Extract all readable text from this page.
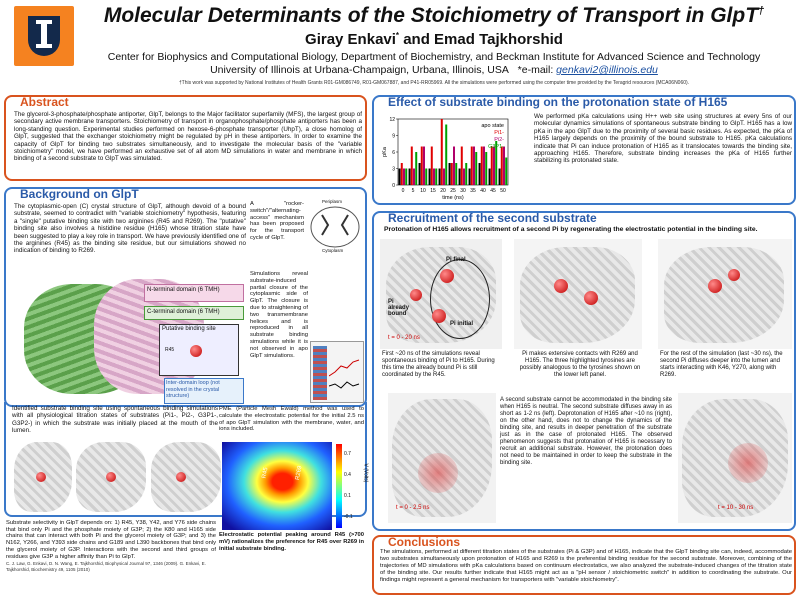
Molecular Determinants of the Stoichiometry of Transport in GlpT†
Giray Enkavi* and Emad Tajkhorshid
Center for Biophysics and Computational Biology, Department of Biochemistry, and Beckman Institute for Advanced Science and Technology
University of Illinois at Urbana-Champaign, Urbana, Illinois, USA *e-mail: genkavi2@illinois.edu
†This work was supported by National Institutes of Health Grants R01-GM086749, R01-GM067887, and P41-RR05969. All the simulations were performed using the computer time provided by the Teragrid resources (MCA06N060).
Abstract
The glycerol-3-phosphate/phosphate antiporter, GlpT, belongs to the Major facilitator superfamily (MFS), the largest group of secondary active membrane transporters. Stoichiometry of transport in organophosphate/phosphate antiporters has been a long-standing question. Experimental studies performed on hexose-6-phosphate transporter (UhpT), a close homolog of GlpT, suggested that the exchanger stoichiometry might be regulated by pH in these antiporters. In order to examine the capacity of GlpT for binding two substrates simultaneously, and to investigate the molecular basis of the "variable stoichiometry" model, we have performed an exhaustive set of all atom MD simulations in water and membrane in which binding of a second substrate to GlpT was simulated.
Background on GlpT
The cytoplasmic-open (C) crystal structure of GlpT, although devoid of a bound substrate, seemed to contradict with "variable stoichiometry" hypothesis, featuring a "single" putative binding site with two arginines (R45 and R269). The "putative" binding site also involves a histidine residue (H165) whose titration state have been suggested to play a key role in transport. We have previously identified one of the arginines (R45) as the binding site residue, but our simulations showed no indication of binding to R269.
N-terminal domain (6 TMH)
C-terminal domain (6 TMH)
Putative binding site
R45
Inter-domain loop (not resolved in the crystal structure)
A "rocker-switch"/"alternating-access" mechanism has been proposed for the transport cycle of GlpT.
Periplasm
Cytoplasm
Simulations reveal substrate-induced partial closure of the cytoplasmic side of GlpT. The closure is due to straightening of two transmembrane helices and is reproduced in all substrate binding simulations while it is not observed in apo GlpT simulations.
Identified substrate binding site using spontaneous binding simulations with all physiological titration states of substrates (Pi1-, Pi2-, G3P1-, G3P2-) in which the substrate was initially placed at the mouth of the lumen.
Substrate selectivity in GlpT depends on: 1) R45, Y38, Y42, and Y76 side chains that bind only Pi and the phosphate moiety of G3P; 2) the K80 and H165 side chains that can interact with both Pi and the glycerol moiety of G3P; and 3) the N162, Y266, and Y393 side chains and G189 and L390 backbones that bind only the glycerol moiety of G3P. Interactions with the second and third groups of residues give G3P a higher affinity than Pi to GlpT.
C. J. Law, G. Enkavi, D. N. Wang, E. Tajkhorshid, Biophysical Journal 97, 1346 (2009). G. Enkavi, E. Tajkhorshid, Biochemistry 49, 1105 (2010)
PME (Particle Mesh Ewald) method was used to calculate the electrostatic potential for the initial 2.5 ns of apo GlpT simulation with the membrane, water, and ions included.
R45	R269
0.7
0.4
0.1
-0.1
V (Volts)
Electrostatic potential peaking around R45 (>700 mV) rationalizes the preference for R45 over R269 in initial substrate binding.
Effect of substrate binding on the protonation state of H165
0
3
6
9
12
0 5 10 15 20 25 30 35 40 45 50
time (ns)
pKa
apo state
Pi1-
Pi2-
G3P1-
We performed pKa calculations using H++ web site using structures at every 5ns of our molecular dynamics simulations of spontaneous substrate binding to GlpT. H165 has a low pKa in the apo GlpT due to the proximity of several basic residues. As expected, the pKa of H165 largely depends on the proximity of the bound substrate to H165. pKa calculations indicate that Pi can induce protonation of H165 as it translocates towards the binding site, approaching H165. Therefore, substrate binding increases the pKa of H165 further stabilizing its protonated state.
Recruitment of the second substrate
Protonation of H165 allows recruitment of a second Pi by regenerating the electrostatic potential in the binding site.
Pi final
Pi already bound
Pi initial
t = 0 - 20 ns
First ~20 ns of the simulations reveal spontaneous binding of Pi to H165. During this time the already bound Pi is still coordinated by the R45.
Pi makes extensive contacts with R269 and H165. The three highlighted tyrosines are possibly analogous to the tyrosines shown on the lower left panel.
For the rest of the simulation (last ~30 ns), the second Pi diffuses deeper into the lumen and starts interacting with K46, Y270, along with R269.
t = 0 - 2.5 ns
A second substrate cannot be accommodated in the binding site when H165 is neutral. The second substrate diffuses away in as short as 1-2 ns (left). Deprotonation of H165 after ~10 ns (right), on the other hand, does not to change the dynamics of the binding site, and results in deeper penetration of the substrate just as in the case of protonated H165. The observed phenomenon suggests that protonation of H165 is necessary to recruit an additional substrate. However, the protonation does not need to be maintained in order to keep the substrate in the binding site.
t = 10 - 30 ns
Conclusions
The simulations, performed at different titration states of the substrates (Pi & G3P) and of H165, indicate that the GlpT binding site can, indeed, accommodate two substrates simultaneously upon protonation of H165 and R269 is the preferential binding residue for the second substrate. Moreover, combining of the trajectories of MD simulations with pKa calculations based on continuum electrostatics, we also analyzed the substrate-induced changes of the titration state of the binding site. Our results further indicate that H165 might act as a "pH sensor / stoichiometric switch" in addition to coordinating the substrate. Our findings might represent a general mechanism for transporters with "variable stoichiometry".
